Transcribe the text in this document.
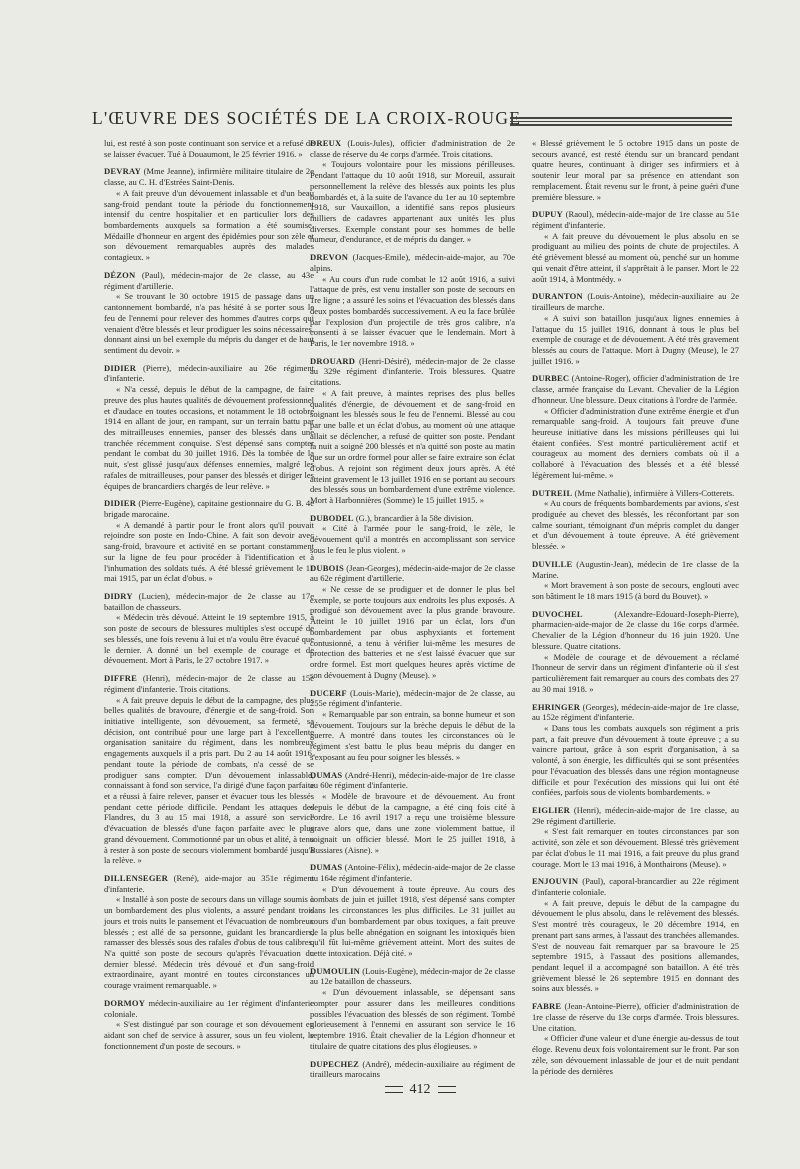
L'ŒUVRE DES SOCIÉTÉS DE LA CROIX-ROUGE

lui, est resté à son poste continuant son service et a refusé de se laisser évacuer. Tué à Douaumont, le 25 février 1916. »

DEVRAY (Mme Jeanne), infirmière militaire titulaire de 2e classe, au C. H. d'Estrées Saint-Denis.

« A fait preuve d'un dévouement inlassable et d'un beau sang-froid pendant toute la période du fonctionnement intensif du centre hospitalier et en particulier lors des bombardements auxquels sa formation a été soumise. Médaille d'honneur en argent des épidémies pour son zèle et son dévouement remarquables auprès des malades contagieux. »

DÉZON (Paul), médecin-major de 2e classe, au 43e régiment d'artillerie.

« Se trouvant le 30 octobre 1915 de passage dans un cantonnement bombardé, n'a pas hésité à se porter sous le feu de l'ennemi pour relever des hommes d'autres corps qui venaient d'être blessés et leur prodiguer les soins nécessaires, donnant ainsi un bel exemple du mépris du danger et de haut sentiment du devoir. »

DIDIER (Pierre), médecin-auxiliaire au 26e régiment d'infanterie.

« N'a cessé, depuis le début de la campagne, de faire preuve des plus hautes qualités de dévouement professionnel et d'audace en toutes occasions, et notamment le 18 octobre 1914 en allant de jour, en rampant, sur un terrain battu par des mitrailleuses ennemies, panser des blessés dans une tranchée récemment conquise. S'est dépensé sans compter pendant le combat du 30 juillet 1916. Dès la tombée de la nuit, s'est glissé jusqu'aux défenses ennemies, malgré les rafales de mitrailleuses, pour panser des blessés et diriger les équipes de brancardiers chargés de leur relève. »

DIDIER (Pierre-Eugène), capitaine gestionnaire du G. B. 4e brigade marocaine.

« A demandé à partir pour le front alors qu'il pouvait rejoindre son poste en Indo-Chine. A fait son devoir avec sang-froid, bravoure et activité en se portant constamment sur la ligne de feu pour procéder à l'identification et à l'inhumation des soldats tués. A été blessé grièvement le 11 mai 1915, par un éclat d'obus. »

DIDRY (Lucien), médecin-major de 2e classe au 17e bataillon de chasseurs.

« Médecin très dévoué. Atteint le 19 septembre 1915, à son poste de secours de blessures multiples s'est occupé de ses blessés, une fois revenu à lui et n'a voulu être évacué que le dernier. A donné un bel exemple de courage et de dévouement. Mort à Paris, le 27 octobre 1917. »

DIFFRE (Henri), médecin-major de 2e classe au 15e régiment d'infanterie. Trois citations.

« A fait preuve depuis le début de la campagne, des plus belles qualités de bravoure, d'énergie et de sang-froid. Son initiative intelligente, son dévouement, sa fermeté, sa décision, ont contribué pour une large part à l'excellente organisation sanitaire du régiment, dans les nombreux engagements auxquels il a pris part. Du 2 au 14 août 1916, pendant toute la période de combats, n'a cessé de se prodiguer sans compter. D'un dévouement inlassable, connaissant à fond son service, l'a dirigé d'une façon parfaite et a réussi à faire relever, panser et évacuer tous les blessés pendant cette période difficile. Pendant les attaques des Flandres, du 3 au 15 mai 1918, a assuré son service d'évacuation de blessés d'une façon parfaite avec le plus grand dévouement. Commotionné par un obus et alité, à tenu à rester à son poste de secours violemment bombardé jusqu'à la relève. »

DILLENSEGER (René), aide-major au 351e régiment d'infanterie.

« Installé à son poste de secours dans un village soumis à un bombardement des plus violents, a assuré pendant trois jours et trois nuits le pansement et l'évacuation de nombreux blessés ; est allé de sa personne, guidant les brancardiers, ramasser des blessés sous des rafales d'obus de tous calibres. N'a quitté son poste de secours qu'après l'évacuation du dernier blessé. Médecin très dévoué et d'un sang-froid extraordinaire, ayant montré en toutes circonstances un courage vraiment remarquable. »

DORMOY médecin-auxiliaire au 1er régiment d'infanterie coloniale.

« S'est distingué par son courage et son dévouement en aidant son chef de service à assurer, sous un feu violent, le fonctionnement d'un poste de secours. »

DREUX (Louis-Jules), officier d'administration de 2e classe de réserve du 4e corps d'armée. Trois citations.

« Toujours volontaire pour les missions périlleuses. Pendant l'attaque du 10 août 1918, sur Moreuil, assurait personnellement la relève des blessés aux points les plus bombardés et, à la suite de l'avance du 1er au 10 septembre 1918, sur Vauxaillon, a identifié sans repos plusieurs milliers de cadavres appartenant aux unités les plus diverses. Exemple constant pour ses hommes de belle humeur, d'endurance, et de mépris du danger. »

DREVON (Jacques-Emile), médecin-aide-major, au 70e alpins.

« Au cours d'un rude combat le 12 août 1916, a suivi l'attaque de près, est venu installer son poste de secours en 1re ligne ; a assuré les soins et l'évacuation des blessés dans deux postes bombardés successivement. A eu la face brûlée par l'explosion d'un projectile de très gros calibre, n'a consenti à se laisser évacuer que le lendemain. Mort à Paris, le 1er novembre 1918. »

DROUARD (Henri-Désiré), médecin-major de 2e classe au 329e régiment d'infanterie. Trois blessures. Quatre citations.

« A fait preuve, à maintes reprises des plus belles qualités d'énergie, de dévouement et de sang-froid en soignant les blessés sous le feu de l'ennemi. Blessé au cou par une balle et un éclat d'obus, au moment où une attaque allait se déclencher, a refusé de quitter son poste. Pendant la nuit a soigné 200 blessés et n'a quitté son poste au matin que sur un ordre formel pour aller se faire extraire son éclat d'obus. A rejoint son régiment deux jours après. A été atteint gravement le 13 juillet 1916 en se portant au secours des blessés sous un bombardement d'une extrême violence. Mort à Harbonnières (Somme) le 15 juillet 1915. »

DUBODEL (G.), brancardier à la 58e division.

« Cité à l'armée pour le sang-froid, le zèle, le dévouement qu'il a montrés en accomplissant son service sous le feu le plus violent. »

DUBOIS (Jean-Georges), médecin-aide-major de 2e classe au 62e régiment d'artillerie.

« Ne cesse de se prodiguer et de donner le plus bel exemple, se porte toujours aux endroits les plus exposés. A prodigué son dévouement avec la plus grande bravoure. Atteint le 10 juillet 1916 par un éclat, lors d'un bombardement par obus asphyxiants et fortement contusionné, a tenu à vérifier lui-même les mesures de protection des batteries et ne s'est laissé évacuer que sur ordre formel. Est mort quelques heures après victime de son dévouement à Dugny (Meuse). »

DUCERF (Louis-Marie), médecin-major de 2e classe, au 255e régiment d'infanterie.

« Remarquable par son entrain, sa bonne humeur et son dévouement. Toujours sur la brèche depuis le début de la guerre. A montré dans toutes les circonstances où le régiment s'est battu le plus beau mépris du danger en s'exposant au feu pour soigner les blessés. »

DUMAS (André-Henri), médecin-aide-major de 1re classe au 60e régiment d'infanterie.

« Modèle de bravoure et de dévouement. Au front depuis le début de la campagne, a été cinq fois cité à l'ordre. Le 16 avril 1917 a reçu une troisième blessure grave alors que, dans une zone violemment battue, il soignait un officier blessé. Mort le 25 juillet 1918, à Bussiares (Aisne). »

DUMAS (Antoine-Félix), médecin-aide-major de 2e classe au 164e régiment d'infanterie.

« D'un dévouement à toute épreuve. Au cours des combats de juin et juillet 1918, s'est dépensé sans compter dans les circonstances les plus difficiles. Le 31 juillet au cours d'un bombardement par obus toxiques, a fait preuve de la plus belle abnégation en soignant les intoxiqués bien qu'il fût lui-même grièvement atteint. Mort des suites de cette intoxication. Déjà cité. »

DUMOULIN (Louis-Eugène), médecin-major de 2e classe au 12e bataillon de chasseurs.

« D'un dévouement inlassable, se dépensant sans compter pour assurer dans les meilleures conditions possibles l'évacuation des blessés de son régiment. Tombé glorieusement à l'ennemi en assurant son service le 16 septembre 1916. Était chevalier de la Légion d'honneur et titulaire de quatre citations des plus élogieuses. »

DUPECHEZ (André), médecin-auxiliaire au régiment de tirailleurs marocains

« Blessé grièvement le 5 octobre 1915 dans un poste de secours avancé, est resté étendu sur un brancard pendant quatre heures, continuant à diriger ses infirmiers et à soutenir leur moral par sa présence en attendant son remplacement. Était revenu sur le front, à peine guéri d'une première blessure. »

DUPUY (Raoul), médecin-aide-major de 1re classe au 51e régiment d'infanterie.

« A fait preuve du dévouement le plus absolu en se prodiguant au milieu des points de chute de projectiles. A été grièvement blessé au moment où, penché sur un homme qui venait d'être atteint, il s'apprêtait à le panser. Mort le 22 août 1914, à Montmédy. »

DURANTON (Louis-Antoine), médecin-auxiliaire au 2e tirailleurs de marche.

« A suivi son bataillon jusqu'aux lignes ennemies à l'attaque du 15 juillet 1916, donnant à tous le plus bel exemple de courage et de dévouement. A été très gravement blessés au cours de l'attaque. Mort à Dugny (Meuse), le 27 juillet 1916. »

DURBEC (Antoine-Roger), officier d'administration de 1re classe, armée française du Levant. Chevalier de la Légion d'honneur. Une blessure. Deux citations à l'ordre de l'armée.

« Officier d'administration d'une extrême énergie et d'un remarquable sang-froid. A toujours fait preuve d'une heureuse initiative dans les missions périlleuses qui lui étaient confiées. S'est montré particulièrement actif et courageux au moment des derniers combats où il a collaboré à l'évacuation des blessés et a été blessé légèrement lui-même. »

DUTREIL (Mme Nathalie), infirmière à Villers-Cotterets.

« Au cours de fréquents bombardements par avions, s'est prodiguée au chevet des blessés, les réconfortant par son calme souriant, témoignant d'un mépris complet du danger et d'un dévouement à toute épreuve. A été grièvement blessée. »

DUVILLE (Augustin-Jean), médecin de 1re classe de la Marine.

« Mort bravement à son poste de secours, englouti avec son bâtiment le 18 mars 1915 (à bord du Bouvet). »

DUVOCHEL	(Alexandre-Edouard-Joseph-Pierre), pharmacien-aide-major de 2e classe du 16e corps d'armée. Chevalier de la Légion d'honneur du 16 juin 1920. Une blessure. Quatre citations.

« Modèle de courage et de dévouement a réclamé l'honneur de servir dans un régiment d'infanterie où il s'est particulièrement fait remarquer au cours des combats des 27 au 30 mai 1918. »

EHRINGER (Georges), médecin-aide-major de 1re classe, au 152e régiment d'infanterie.

« Dans tous les combats auxquels son régiment a pris part, a fait preuve d'un dévouement à toute épreuve ; a su vaincre partout, grâce à son esprit d'organisation, à sa volonté, à son énergie, les difficultés qui se sont présentées pour l'évacuation des blessés dans une région montagneuse difficile et pour l'exécution des missions qui lui ont été confiées, parfois sous de violents bombardements. »

EIGLIER (Henri), médecin-aide-major de 1re classe, au 29e régiment d'artillerie.

« S'est fait remarquer en toutes circonstances par son activité, son zèle et son dévouement. Blessé très grièvement par éclat d'obus le 11 mai 1916, a fait preuve du plus grand courage. Mort le 13 mai 1916, à Monthairons (Meuse). »

ENJOUVIN (Paul), caporal-brancardier au 22e régiment d'infanterie coloniale.

« A fait preuve, depuis le début de la campagne du dévouement le plus absolu, dans le relèvement des blessés. S'est montré très courageux, le 20 décembre 1914, en prenant part sans armes, à l'assaut des tranchées allemandes. S'est de nouveau fait remarquer par sa bravoure le 25 septembre 1915, à l'assaut des positions allemandes, pendant lequel il a accompagné son bataillon. A été très grièvement blessé le 26 septembre 1915 en donnant des soins aux blessés. »

FABRE (Jean-Antoine-Pierre), officier d'administration de 1re classe de réserve du 13e corps d'armée. Trois blessures. Une citation.

« Officier d'une valeur et d'une énergie au-dessus de tout éloge. Revenu deux fois volontairement sur le front. Par son zèle, son dévouement inlassable de jour et de nuit pendant la période des dernières

412
